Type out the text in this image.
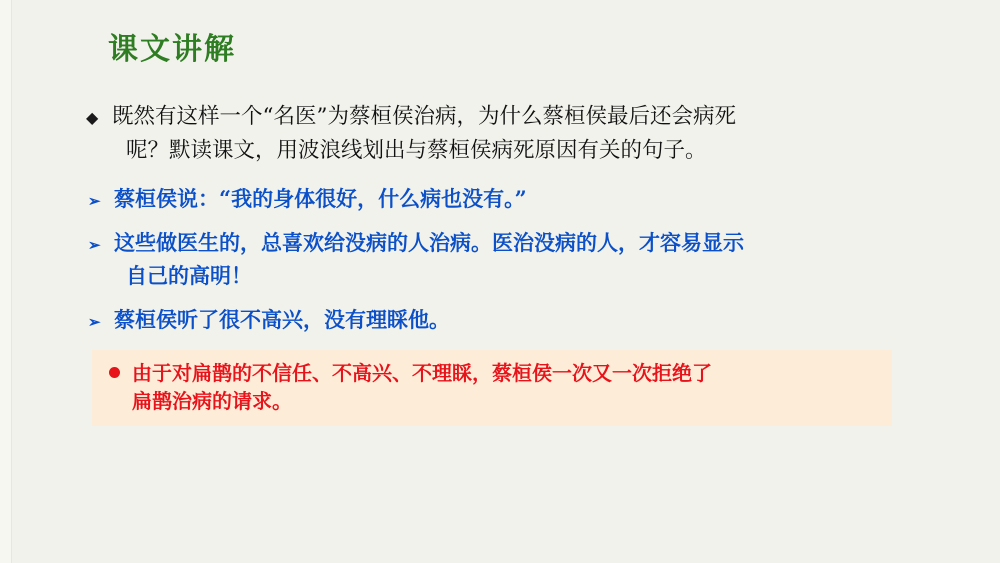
课文讲解
◆ 既然有这样一个“名医”为蔡桓侯治病，为什么蔡桓侯最后还会病死
呢？默读课文，用波浪线划出与蔡桓侯病死原因有关的句子。
➢ 蔡桓侯说：“我的身体很好，什么病也没有。”
➢ 这些做医生的，总喜欢给没病的人治病。医治没病的人，才容易显示
自己的高明！
➢ 蔡桓侯听了很不高兴，没有理睬他。
由于对扁鹊的不信任、不高兴、不理睬，蔡桓侯一次又一次拒绝了
扁鹊治病的请求。
